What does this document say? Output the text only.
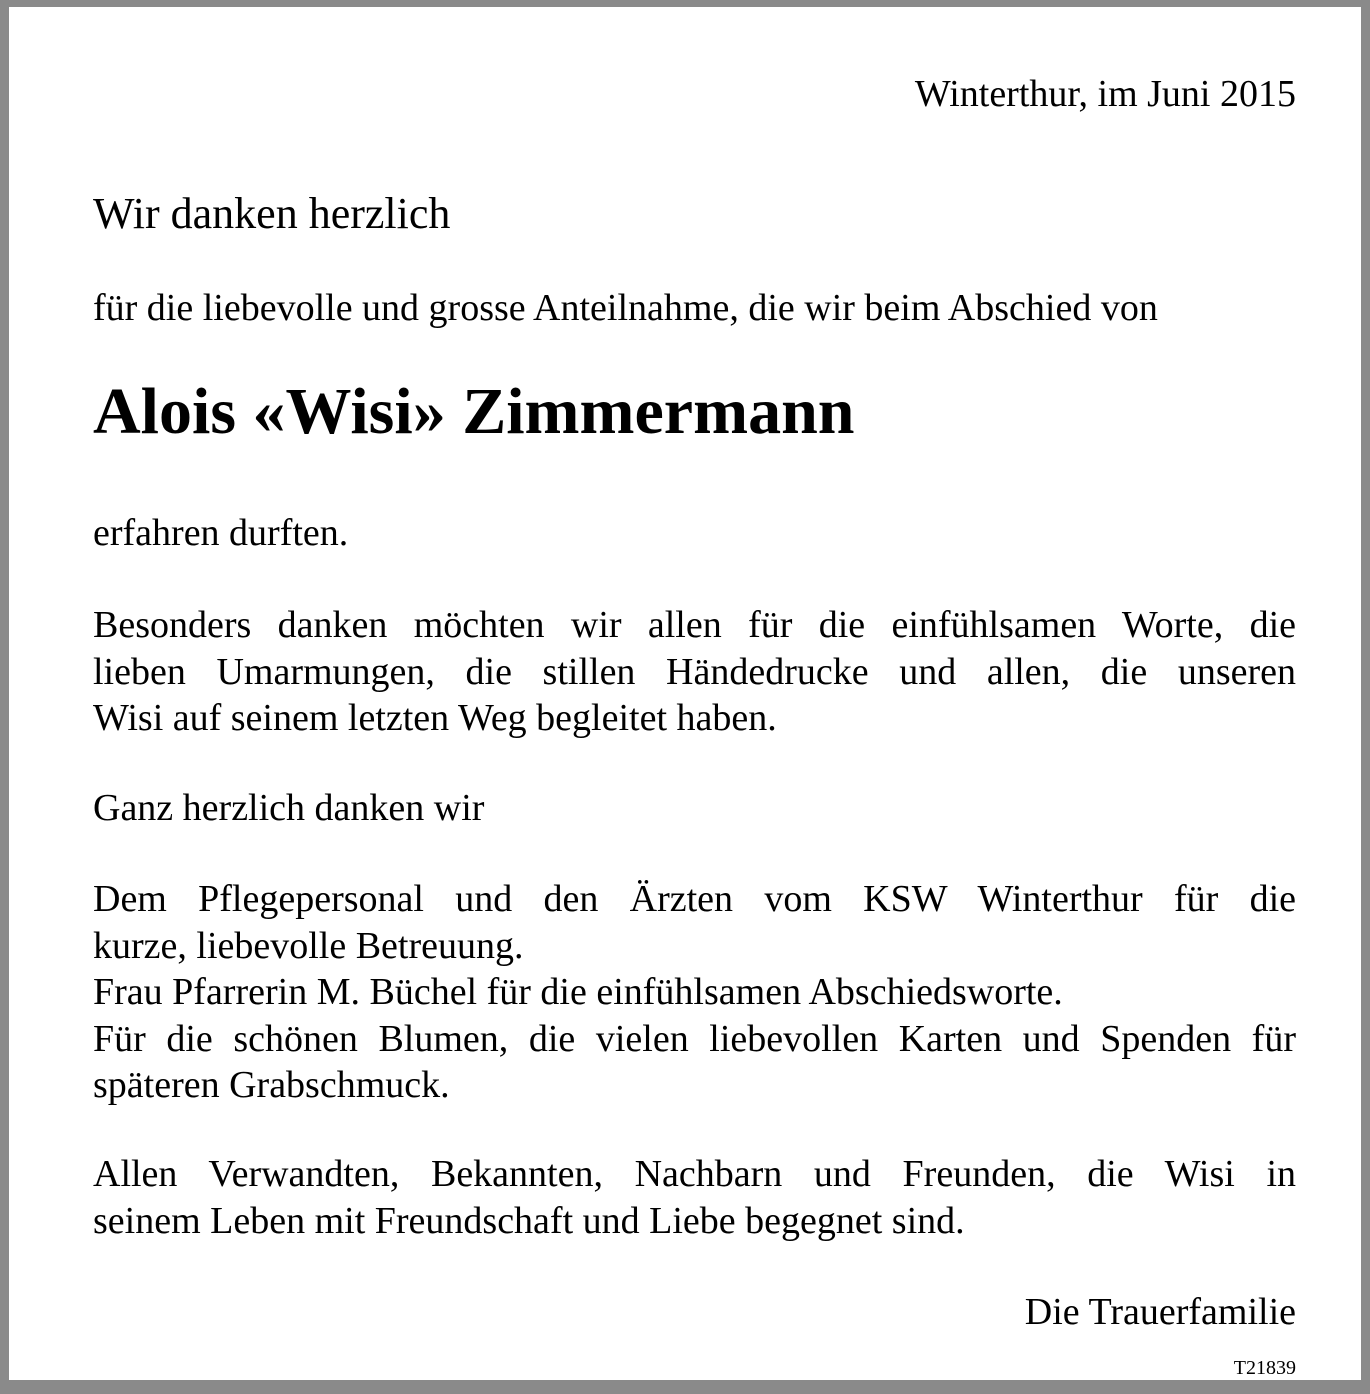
Winterthur, im Juni 2015

Wir danken herzlich

für die liebevolle und grosse Anteilnahme, die wir beim Abschied von

Alois «Wisi» Zimmermann

erfahren durften.

Besonders danken möchten wir allen für die einfühlsamen Worte, die
lieben Umarmungen, die stillen Händedrucke und allen, die unseren
Wisi auf seinem letzten Weg begleitet haben.

Ganz herzlich danken wir

Dem Pflegepersonal und den Ärzten vom KSW Winterthur für die
kurze, liebevolle Betreuung.
Frau Pfarrerin M. Büchel für die einfühlsamen Abschiedsworte.
Für die schönen Blumen, die vielen liebevollen Karten und Spenden für
späteren Grabschmuck.
Allen Verwandten, Bekannten, Nachbarn und Freunden, die Wisi in
seinem Leben mit Freundschaft und Liebe begegnet sind.

Die Trauerfamilie

T21839
